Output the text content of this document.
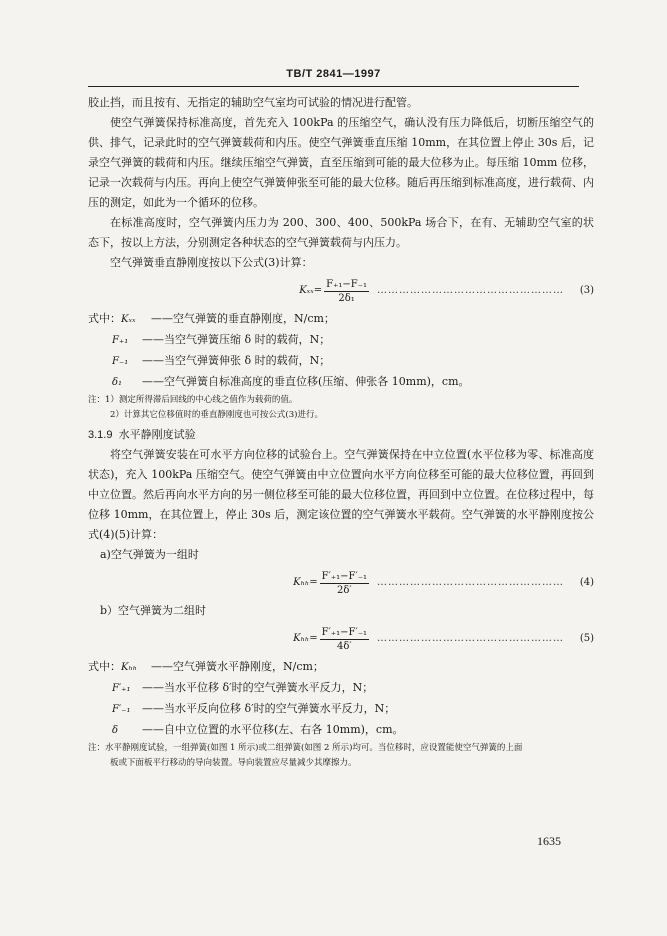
TB/T 2841—1997

胶止挡，而且按有、无指定的辅助空气室均可试验的情况进行配管。

使空气弹簧保持标准高度，首先充入 100kPa 的压缩空气，确认没有压力降低后，切断压缩空气的供、排气，记录此时的空气弹簧载荷和内压。使空气弹簧垂直压缩 10mm，在其位置上停止 30s 后，记录空气弹簧的载荷和内压。继续压缩空气弹簧，直至压缩到可能的最大位移为止。每压缩 10mm 位移，记录一次载荷与内压。再向上使空气弹簧伸张至可能的最大位移。随后再压缩到标准高度，进行载荷、内压的测定，如此为一个循环的位移。

在标准高度时，空气弹簧内压力为 200、300、400、500kPa 场合下，在有、无辅助空气室的状态下，按以上方法，分别测定各种状态的空气弹簧载荷与内压力。

空气弹簧垂直静刚度按以下公式(3)计算：

$K_{xx}= \frac{\text{F₊₁−F₋₁}}{\text{2δ₁}}$ ……………………………………………	(3)

式中：Kₓₓ ——空气弹簧的垂直静刚度，N/cm；

F₊₁ ——当空气弹簧压缩 δ 时的载荷，N；

F₋₁ ——当空气弹簧伸张 δ 时的载荷，N；

δ₁ ——空气弹簧自标准高度的垂直位移(压缩、伸张各 10mm)，cm。

注：1）测定所得滞后回线的中心线之值作为载荷的值。

2）计算其它位移值时的垂直静刚度也可按公式(3)进行。

3.1.9 水平静刚度试验

将空气弹簧安装在可水平方向位移的试验台上。空气弹簧保持在中立位置(水平位移为零、标准高度状态)，充入 100kPa 压缩空气。使空气弹簧由中立位置向水平方向位移至可能的最大位移位置，再回到中立位置。然后再向水平方向的另一侧位移至可能的最大位移位置，再回到中立位置。在位移过程中，每位移 10mm，在其位置上，停止 30s 后，测定该位置的空气弹簧水平载荷。空气弹簧的水平静刚度按公式(4)(5)计算：

a)空气弹簧为一组时

$K_{hh}= \frac{\text{F′₊₁−F′₋₁}}{2\delta'}$ ……………………………………………	(4)

b）空气弹簧为二组时

$K_{hh}= \frac{\text{F′₊₁−F′₋₁}}{4\delta'}$ ……………………………………………	(5)

式中：Kₕₕ ——空气弹簧水平静刚度，N/cm；

F′₊₁ ——当水平位移 δ′时的空气弹簧水平反力，N；

F′₋₁ ——当水平反向位移 δ′时的空气弹簧水平反力，N；

δ ——自中立位置的水平位移(左、右各 10mm)，cm。

注：水平静刚度试验，一组弹簧(如图 1 所示)或二组弹簧(如图 2 所示)均可。当位移时，应设置能使空气弹簧的上面

板或下面板平行移动的导向装置。导向装置应尽量减少其摩擦力。

1635
